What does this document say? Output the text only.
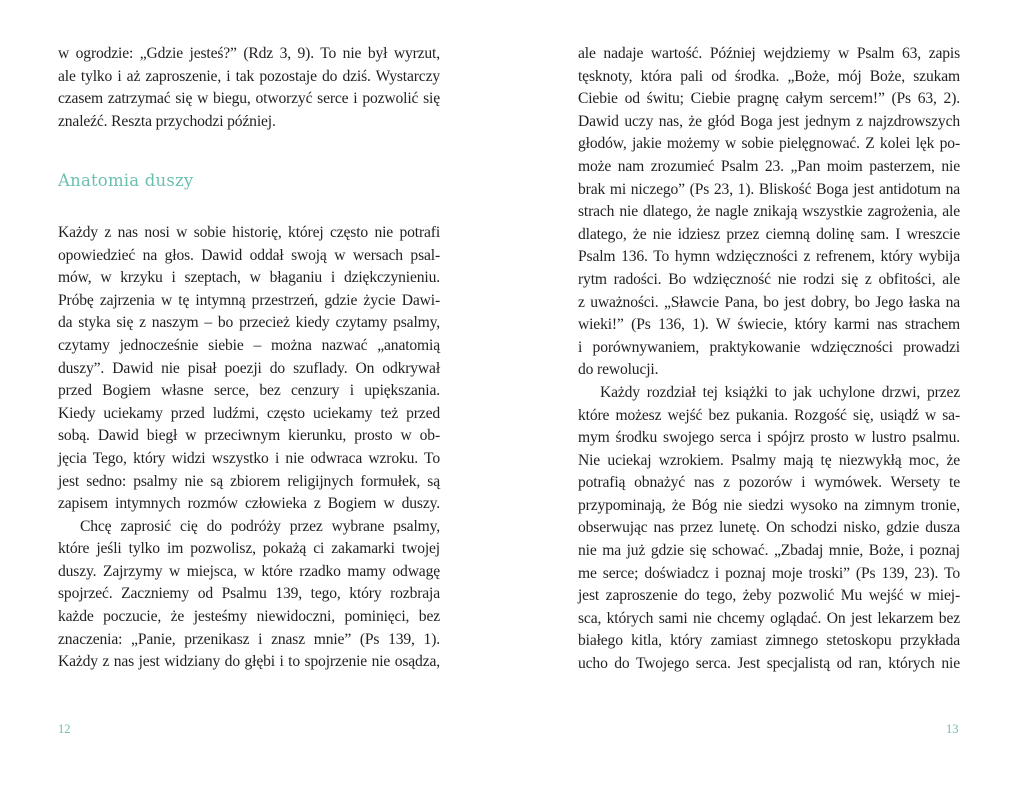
w ogrodzie: „Gdzie jesteś?” (Rdz 3, 9). To nie był wyrzut,
ale tylko i aż zaproszenie, i tak pozostaje do dziś. Wystarczy
czasem zatrzymać się w biegu, otworzyć serce i pozwolić się
znaleźć. Reszta przychodzi później.
Anatomia duszy
Każdy z nas nosi w sobie historię, której często nie potrafi
opowiedzieć na głos. Dawid oddał swoją w wersach psal-
mów, w krzyku i szeptach, w błaganiu i dziękczynieniu.
Próbę zajrzenia w tę intymną przestrzeń, gdzie życie Dawi-
da styka się z naszym – bo przecież kiedy czytamy psalmy,
czytamy jednocześnie siebie – można nazwać „anatomią
duszy”. Dawid nie pisał poezji do szuflady. On odkrywał
przed Bogiem własne serce, bez cenzury i upiększania.
Kiedy uciekamy przed ludźmi, często uciekamy też przed
sobą. Dawid biegł w przeciwnym kierunku, prosto w ob-
jęcia Tego, który widzi wszystko i nie odwraca wzroku. To
jest sedno: psalmy nie są zbiorem religijnych formułek, są
zapisem intymnych rozmów człowieka z Bogiem w duszy.
Chcę zaprosić cię do podróży przez wybrane psalmy,
które jeśli tylko im pozwolisz, pokażą ci zakamarki twojej
duszy. Zajrzymy w miejsca, w które rzadko mamy odwagę
spojrzeć. Zaczniemy od Psalmu 139, tego, który rozbraja
każde poczucie, że jesteśmy niewidoczni, pominięci, bez
znaczenia: „Panie, przenikasz i znasz mnie” (Ps 139, 1).
Każdy z nas jest widziany do głębi i to spojrzenie nie osądza,
12
ale nadaje wartość. Później wejdziemy w Psalm 63, zapis
tęsknoty, która pali od środka. „Boże, mój Boże, szukam
Ciebie od świtu; Ciebie pragnę całym sercem!” (Ps 63, 2).
Dawid uczy nas, że głód Boga jest jednym z najzdrowszych
głodów, jakie możemy w sobie pielęgnować. Z kolei lęk po-
może nam zrozumieć Psalm 23. „Pan moim pasterzem, nie
brak mi niczego” (Ps 23, 1). Bliskość Boga jest antidotum na
strach nie dlatego, że nagle znikają wszystkie zagrożenia, ale
dlatego, że nie idziesz przez ciemną dolinę sam. I wreszcie
Psalm 136. To hymn wdzięczności z refrenem, który wybija
rytm radości. Bo wdzięczność nie rodzi się z obfitości, ale
z uważności. „Sławcie Pana, bo jest dobry, bo Jego łaska na
wieki!” (Ps 136, 1). W świecie, który karmi nas strachem
i porównywaniem, praktykowanie wdzięczności prowadzi
do rewolucji.
Każdy rozdział tej książki to jak uchylone drzwi, przez
które możesz wejść bez pukania. Rozgość się, usiądź w sa-
mym środku swojego serca i spójrz prosto w lustro psalmu.
Nie uciekaj wzrokiem. Psalmy mają tę niezwykłą moc, że
potrafią obnażyć nas z pozorów i wymówek. Wersety te
przypominają, że Bóg nie siedzi wysoko na zimnym tronie,
obserwując nas przez lunetę. On schodzi nisko, gdzie dusza
nie ma już gdzie się schować. „Zbadaj mnie, Boże, i poznaj
me serce; doświadcz i poznaj moje troski” (Ps 139, 23). To
jest zaproszenie do tego, żeby pozwolić Mu wejść w miej-
sca, których sami nie chcemy oglądać. On jest lekarzem bez
białego kitla, który zamiast zimnego stetoskopu przykłada
ucho do Twojego serca. Jest specjalistą od ran, których nie
13
